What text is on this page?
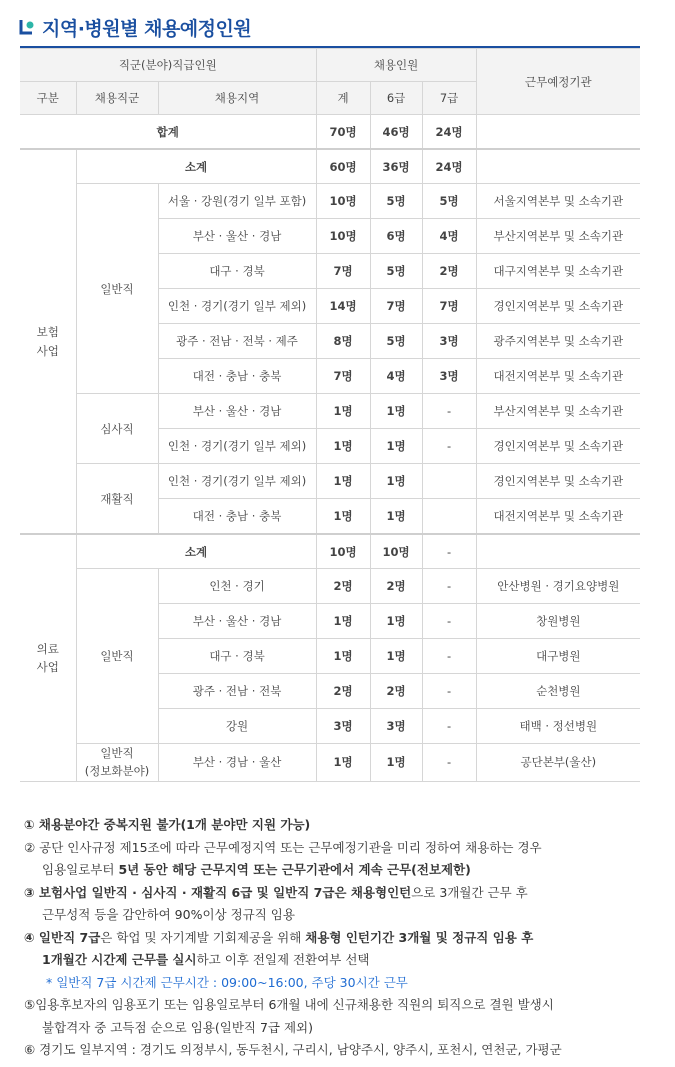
지역·병원별 채용예정인원
직군(분야)직급인원			채용인원			근무예정기관
구분	채용직군	채용지역	계	6급	7급	
합계			70명	46명	24명	
보험
사업	소계		60명	36명	24명	
	일반직	서울 · 강원(경기 일부 포함)	10명	5명	5명	서울지역본부 및 소속기관
		부산 · 울산 · 경남	10명	6명	4명	부산지역본부 및 소속기관
		대구 · 경북	7명	5명	2명	대구지역본부 및 소속기관
		인천 · 경기(경기 일부 제외)	14명	7명	7명	경인지역본부 및 소속기관
		광주 · 전남 · 전북 · 제주	8명	5명	3명	광주지역본부 및 소속기관
		대전 · 충남 · 충북	7명	4명	3명	대전지역본부 및 소속기관
	심사직	부산 · 울산 · 경남	1명	1명	-	부산지역본부 및 소속기관
		인천 · 경기(경기 일부 제외)	1명	1명	-	경인지역본부 및 소속기관
	재활직	인천 · 경기(경기 일부 제외)	1명	1명		경인지역본부 및 소속기관
		대전 · 충남 · 충북	1명	1명		대전지역본부 및 소속기관
의료
사업	소계		10명	10명	-	
	일반직	인천 · 경기	2명	2명	-	안산병원 · 경기요양병원
		부산 · 울산 · 경남	1명	1명	-	창원병원
		대구 · 경북	1명	1명	-	대구병원
		광주 · 전남 · 전북	2명	2명	-	순천병원
		강원	3명	3명	-	태백 · 정선병원
	일반직
(정보화분야)	부산 · 경남 · 울산	1명	1명	-	공단본부(울산)
① 채용분야간 중복지원 불가(1개 분야만 지원 가능)
② 공단 인사규정 제15조에 따라 근무예정지역 또는 근무예정기관을 미리 정하여 채용하는 경우
임용일로부터 5년 동안 해당 근무지역 또는 근무기관에서 계속 근무(전보제한)
③ 보험사업 일반직 · 심사직 · 재활직 6급 및 일반직 7급은 채용형인턴으로 3개월간 근무 후
근무성적 등을 감안하여 90%이상 정규직 임용
④ 일반직 7급은 학업 및 자기계발 기회제공을 위해 채용형 인턴기간 3개월 및 정규직 임용 후
1개월간 시간제 근무를 실시하고 이후 전일제 전환여부 선택
* 일반직 7급 시간제 근무시간 : 09:00~16:00, 주당 30시간 근무
⑤임용후보자의 임용포기 또는 임용일로부터 6개월 내에 신규채용한 직원의 퇴직으로 결원 발생시
불합격자 중 고득점 순으로 임용(일반직 7급 제외)
⑥ 경기도 일부지역 : 경기도 의정부시, 동두천시, 구리시, 남양주시, 양주시, 포천시, 연천군, 가평군
